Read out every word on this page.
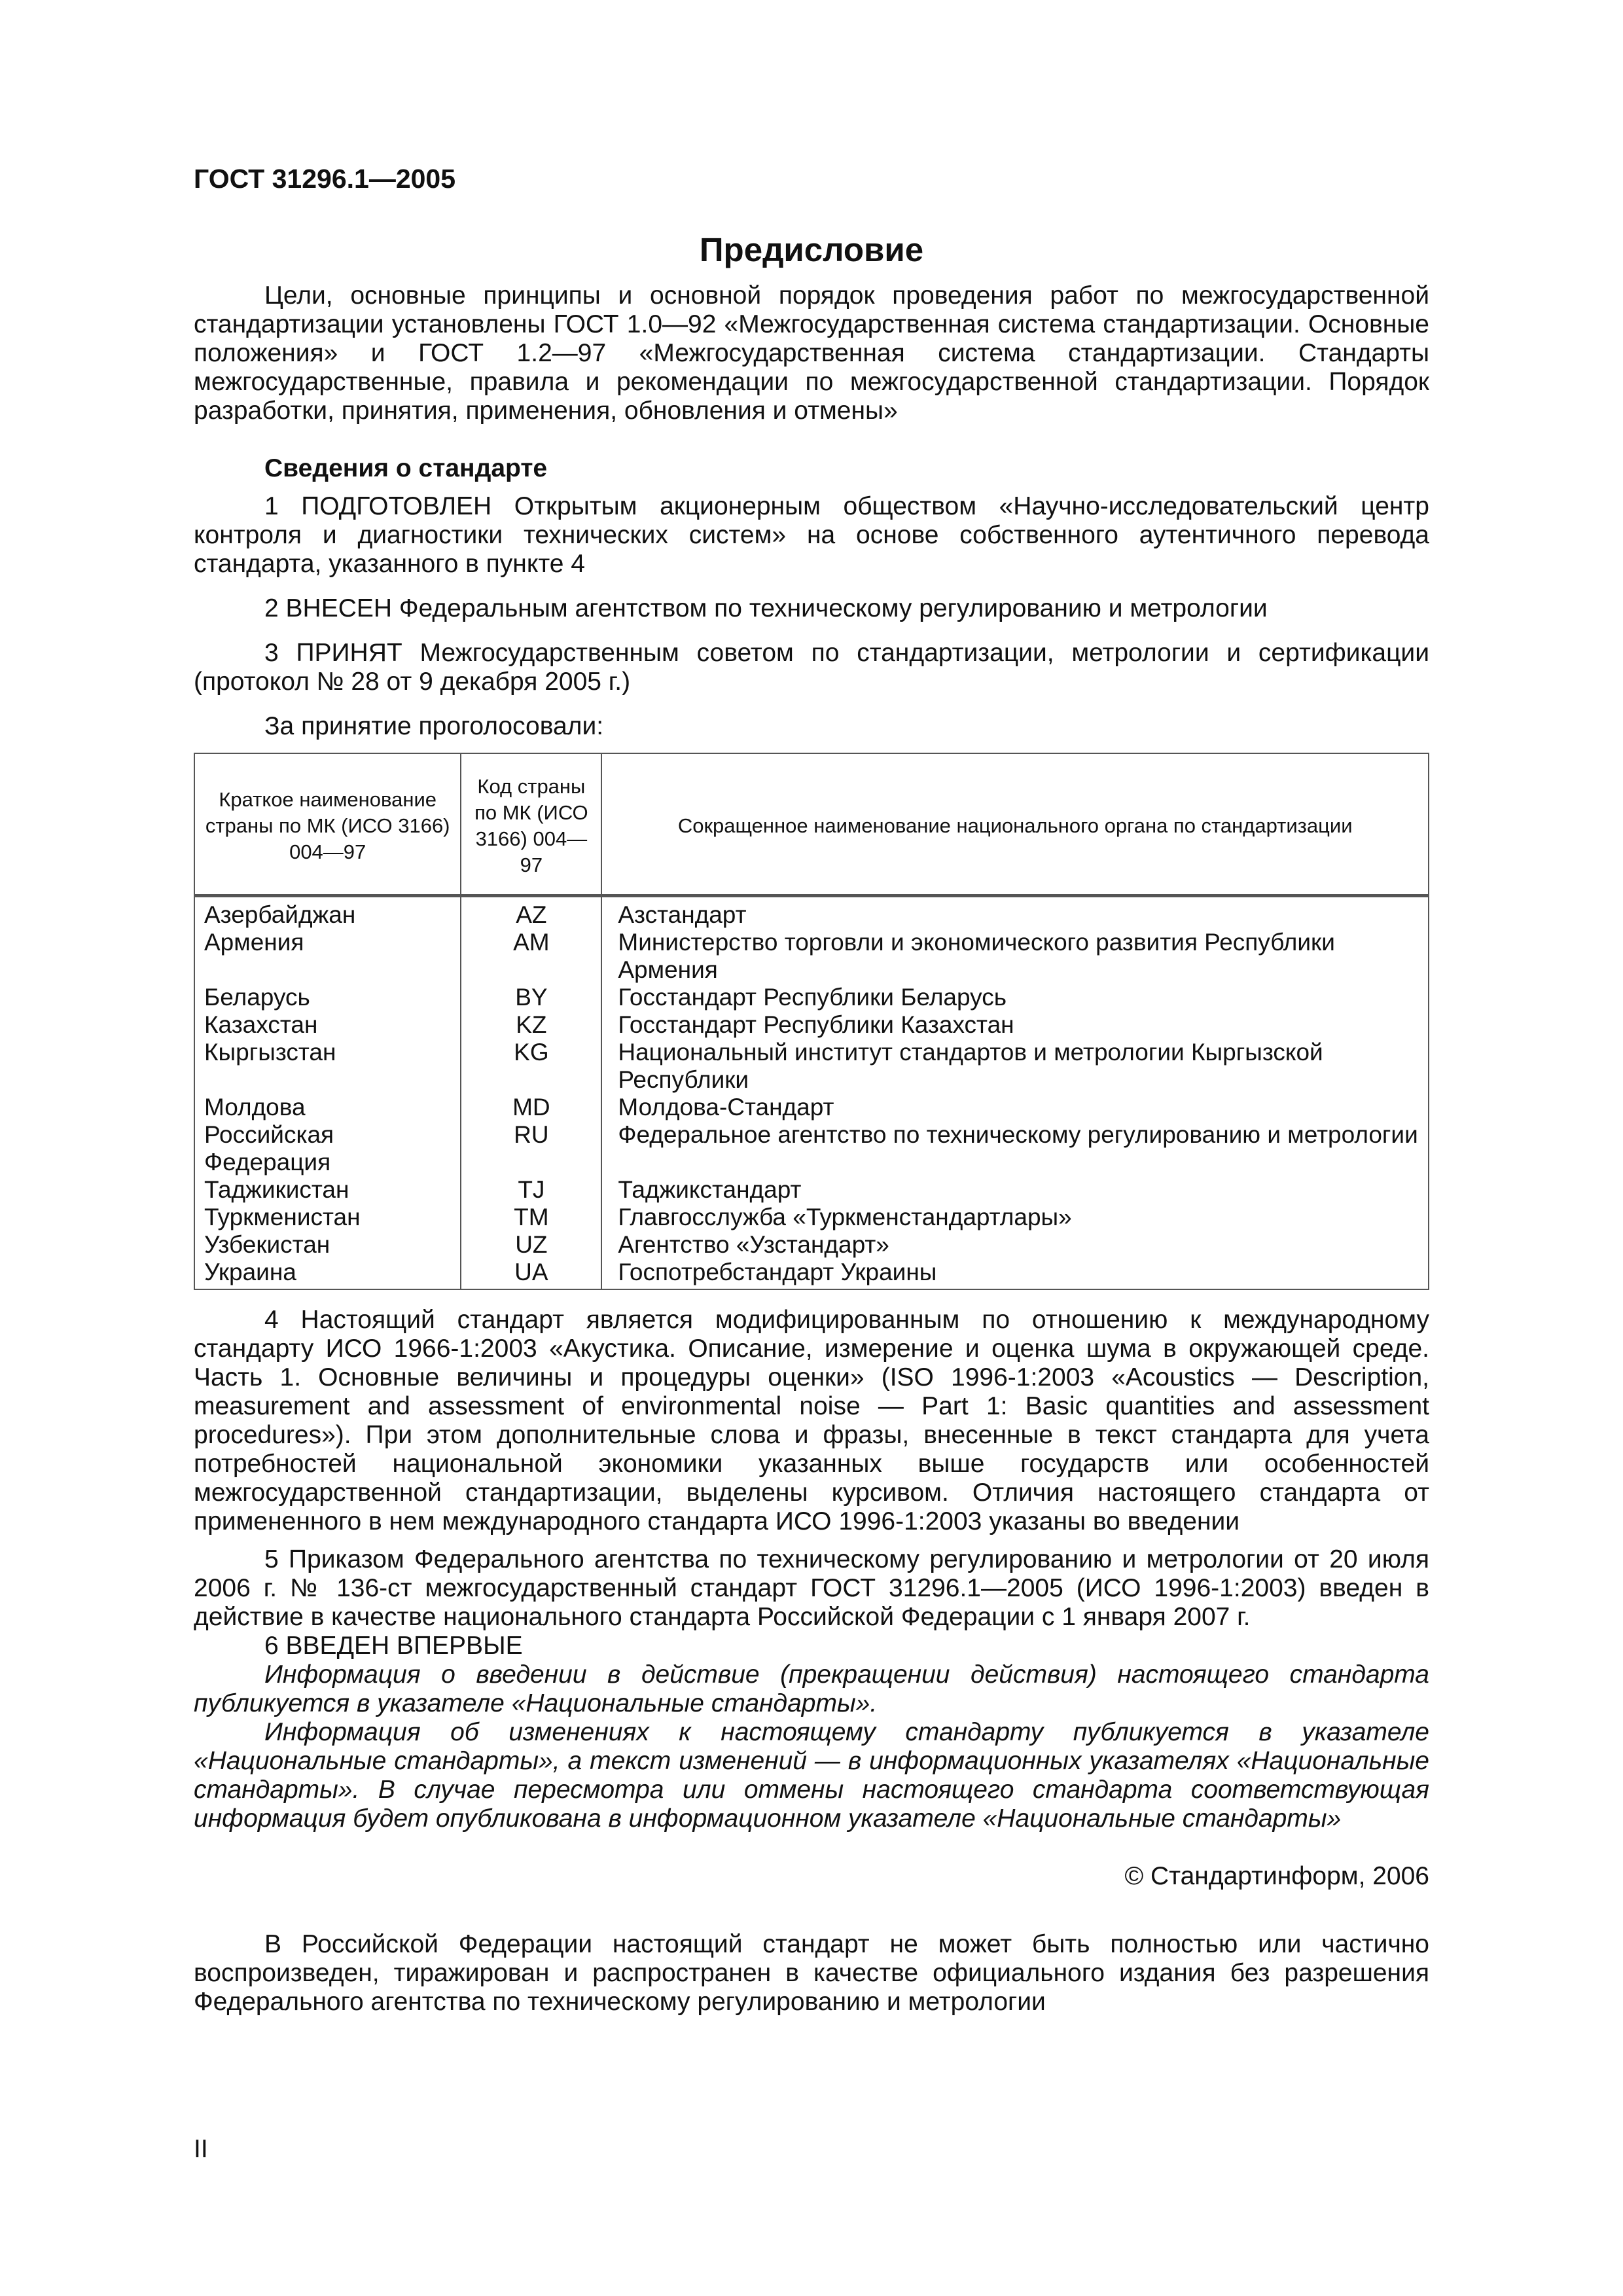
ГОСТ 31296.1—2005

Предисловие

Цели, основные принципы и основной порядок проведения работ по межгосударственной стандартизации установлены ГОСТ 1.0—92 «Межгосударственная система стандартизации. Основные положения» и ГОСТ 1.2—97 «Межгосударственная система стандартизации. Стандарты межгосударственные, правила и рекомендации по межгосударственной стандартизации. Порядок разработки, принятия, применения, обновления и отмены»

Сведения о стандарте

1 ПОДГОТОВЛЕН Открытым акционерным обществом «Научно-исследовательский центр контроля и диагностики технических систем» на основе собственного аутентичного перевода стандарта, указанного в пункте 4

2 ВНЕСЕН Федеральным агентством по техническому регулированию и метрологии

3 ПРИНЯТ Межгосударственным советом по стандартизации, метрологии и сертификации (протокол № 28 от 9 декабря 2005 г.)

За принятие проголосовали:

Краткое наименование страны по МК (ИСО 3166) 004—97	Код страны по МК (ИСО 3166) 004—97	Сокращенное наименование национального органа по стандартизации
Азербайджан	AZ	Азстандарт
Армения	AM	Министерство торговли и экономического развития Республики Армения
Беларусь	BY	Госстандарт Республики Беларусь
Казахстан	KZ	Госстандарт Республики Казахстан
Кыргызстан	KG	Национальный институт стандартов и метрологии Кыргызской Республики
Молдова	MD	Молдова-Стандарт
Российская Федерация	RU	Федеральное агентство по техническому регулированию и метрологии
Таджикистан	TJ	Таджикстандарт
Туркменистан	TM	Главгосслужба «Туркменстандартлары»
Узбекистан	UZ	Агентство «Узстандарт»
Украина	UA	Госпотребстандарт Украины

4 Настоящий стандарт является модифицированным по отношению к международному стандарту ИСО 1966-1:2003 «Акустика. Описание, измерение и оценка шума в окружающей среде. Часть 1. Основные величины и процедуры оценки» (ISO 1996-1:2003 «Acoustics — Description, measurement and assessment of environmental noise — Part 1: Basic quantities and assessment procedures»). При этом дополнительные слова и фразы, внесенные в текст стандарта для учета потребностей национальной экономики указанных выше государств или особенностей межгосударственной стандартизации, выделены курсивом. Отличия настоящего стандарта от примененного в нем международного стандарта ИСО 1996-1:2003 указаны во введении

5 Приказом Федерального агентства по техническому регулированию и метрологии от 20 июля 2006 г. № 136-ст межгосударственный стандарт ГОСТ 31296.1—2005 (ИСО 1996-1:2003) введен в действие в качестве национального стандарта Российской Федерации с 1 января 2007 г.

6 ВВЕДЕН ВПЕРВЫЕ

Информация о введении в действие (прекращении действия) настоящего стандарта публикуется в указателе «Национальные стандарты».

Информация об изменениях к настоящему стандарту публикуется в указателе «Национальные стандарты», а текст изменений — в информационных указателях «Национальные стандарты». В случае пересмотра или отмены настоящего стандарта соответствующая информация будет опубликована в информационном указателе «Национальные стандарты»

© Стандартинформ, 2006

В Российской Федерации настоящий стандарт не может быть полностью или частично воспроизведен, тиражирован и распространен в качестве официального издания без разрешения Федерального агентства по техническому регулированию и метрологии

II
